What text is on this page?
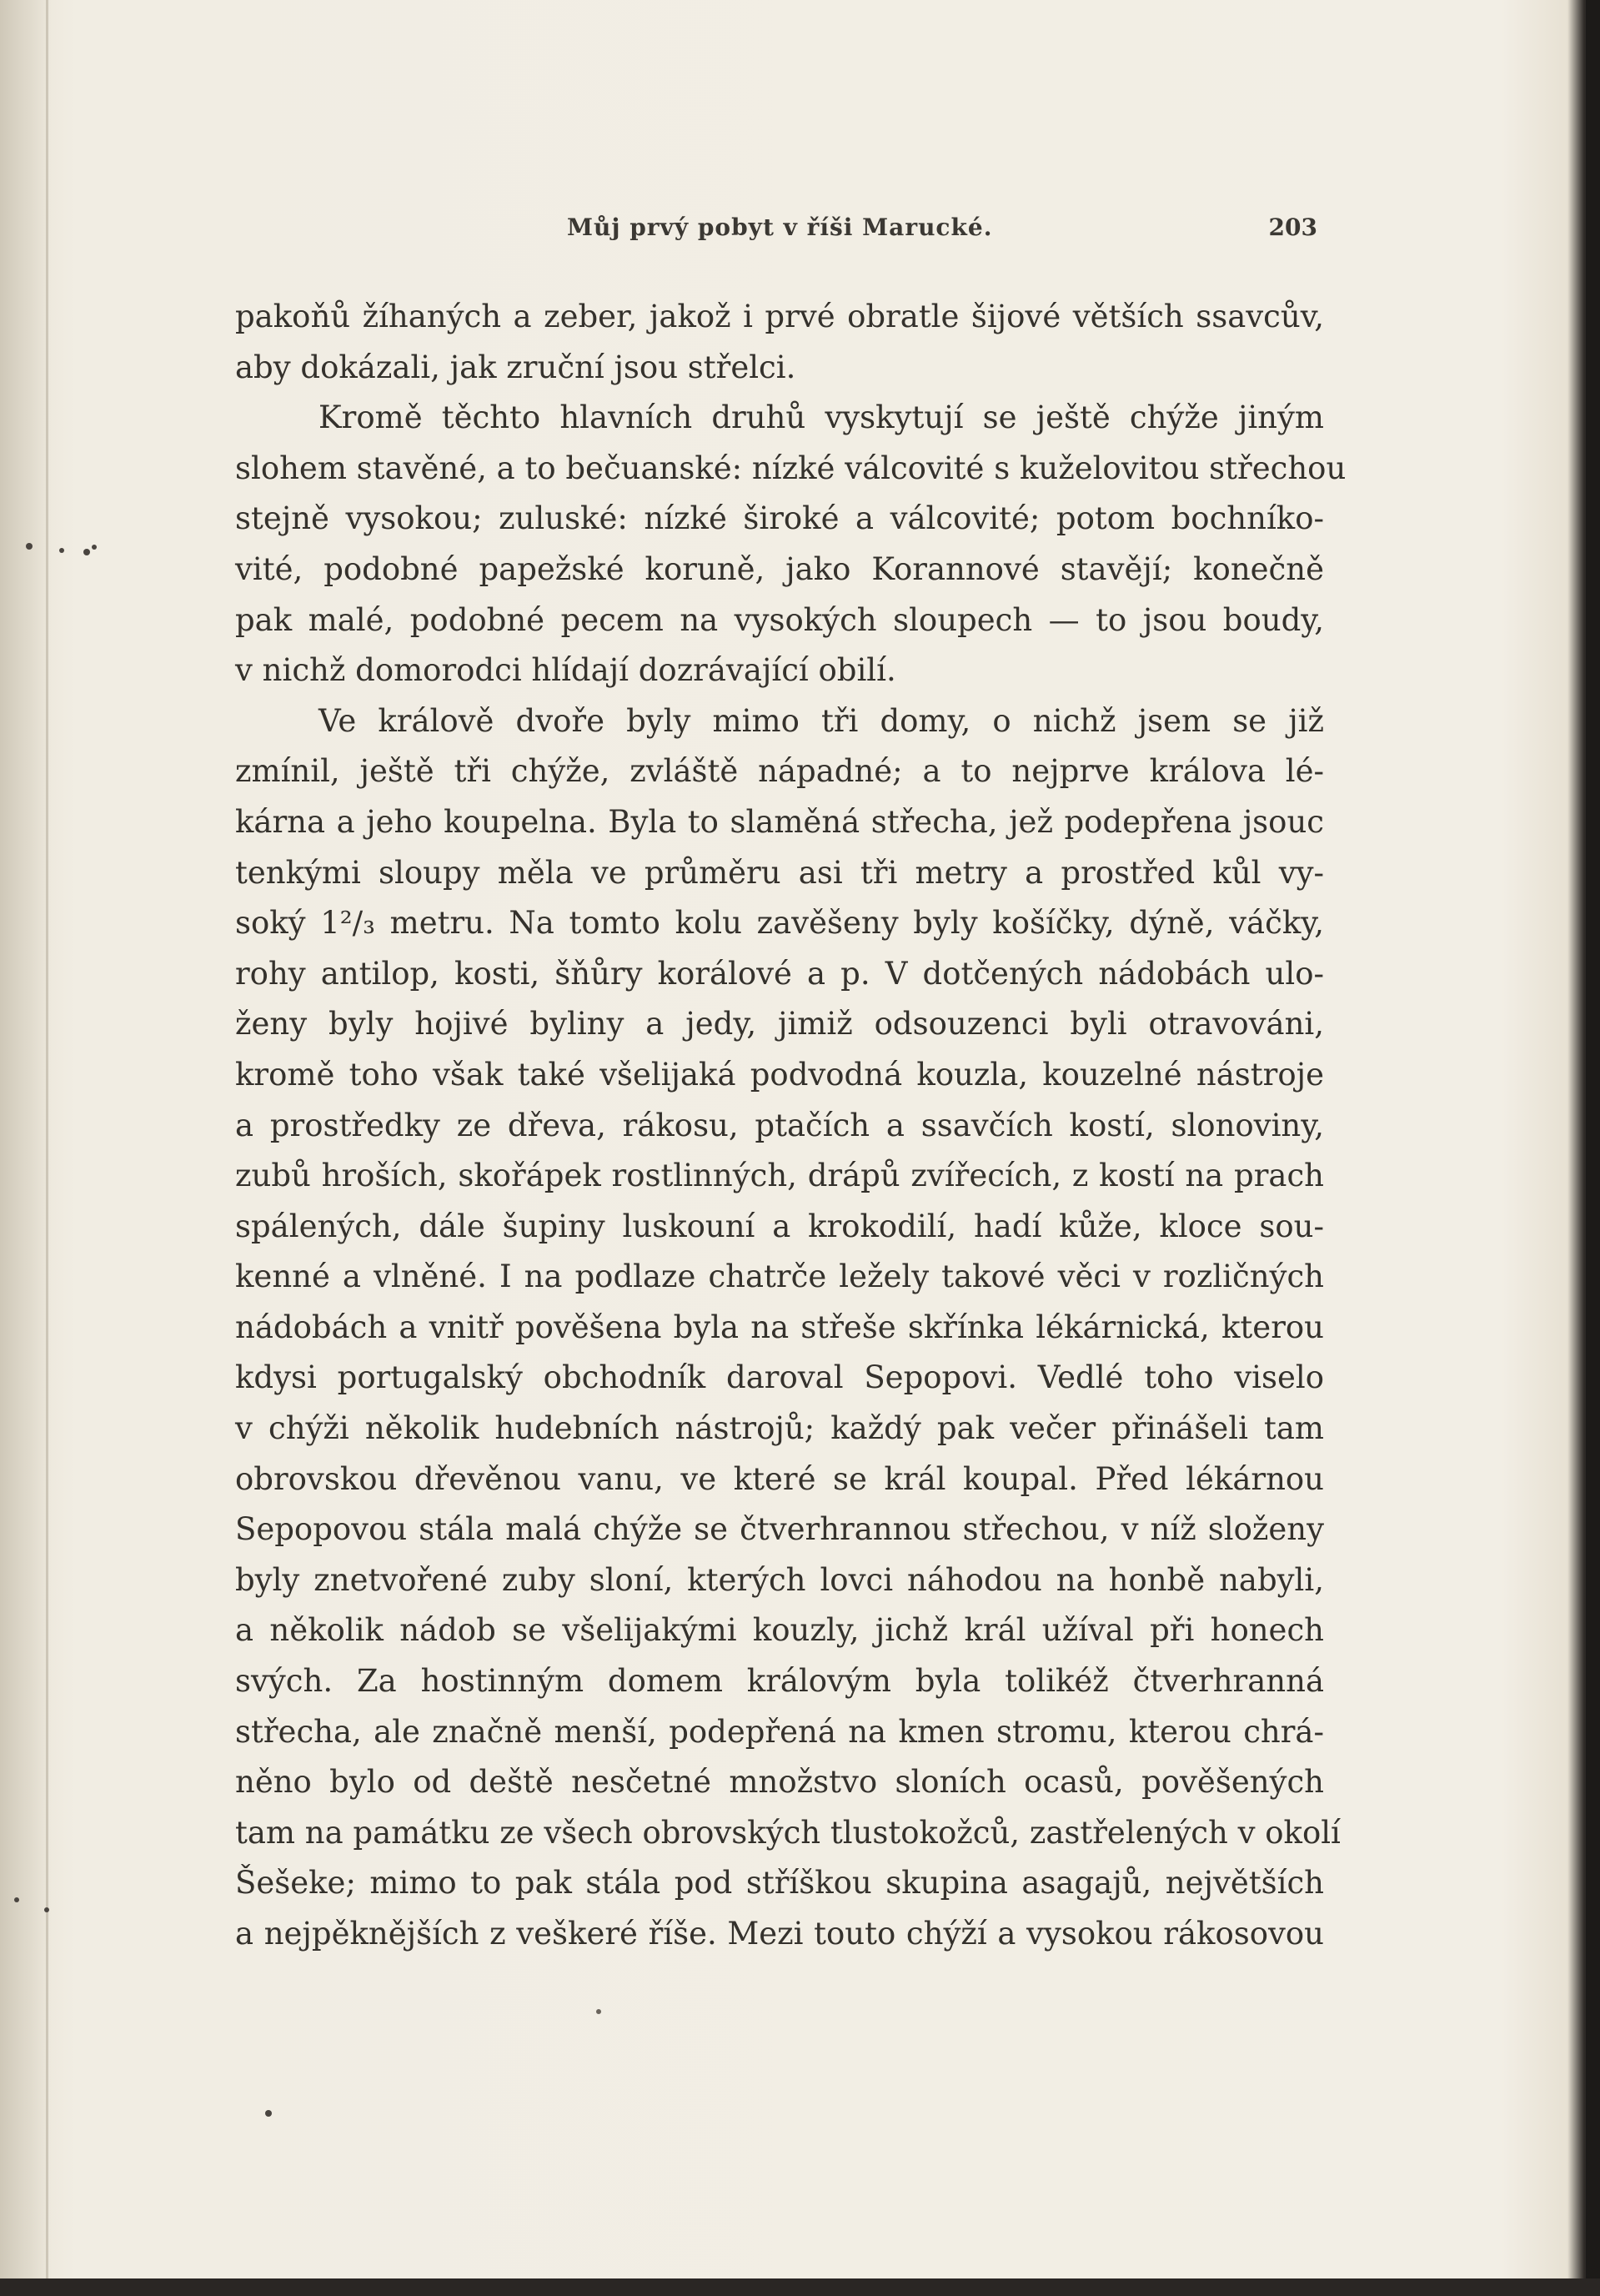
Můj prvý pobyt v říši Marucké.	203
pakoňů žíhaných a zeber, jakož i prvé obratle šijové větších ssavcův,
aby dokázali, jak zruční jsou střelci.
Kromě těchto hlavních druhů vyskytují se ještě chýže jiným
slohem stavěné, a to bečuanské: nízké válcovité s kuželovitou střechou
stejně vysokou; zuluské: nízké široké a válcovité; potom bochníko-
vité, podobné papežské koruně, jako Korannové stavějí; konečně
pak malé, podobné pecem na vysokých sloupech — to jsou boudy,
v nichž domorodci hlídají dozrávající obilí.
Ve králově dvoře byly mimo tři domy, o nichž jsem se již
zmínil, ještě tři chýže, zvláště nápadné; a to nejprve králova lé-
kárna a jeho koupelna. Byla to slaměná střecha, jež podepřena jsouc
tenkými sloupy měla ve průměru asi tři metry a prostřed kůl vy-
soký 1²/₃ metru. Na tomto kolu zavěšeny byly košíčky, dýně, váčky,
rohy antilop, kosti, šňůry korálové a p. V dotčených nádobách ulo-
ženy byly hojivé byliny a jedy, jimiž odsouzenci byli otravováni,
kromě toho však také všelijaká podvodná kouzla, kouzelné nástroje
a prostředky ze dřeva, rákosu, ptačích a ssavčích kostí, slonoviny,
zubů hroších, skořápek rostlinných, drápů zvířecích, z kostí na prach
spálených, dále šupiny luskouní a krokodilí, hadí kůže, kloce sou-
kenné a vlněné. I na podlaze chatrče ležely takové věci v rozličných
nádobách a vnitř pověšena byla na střeše skřínka lékárnická, kterou
kdysi portugalský obchodník daroval Sepopovi. Vedlé toho viselo
v chýži několik hudebních nástrojů; každý pak večer přinášeli tam
obrovskou dřevěnou vanu, ve které se král koupal. Před lékárnou
Sepopovou stála malá chýže se čtverhrannou střechou, v níž složeny
byly znetvořené zuby sloní, kterých lovci náhodou na honbě nabyli,
a několik nádob se všelijakými kouzly, jichž král užíval při honech
svých. Za hostinným domem královým byla tolikéž čtverhranná
střecha, ale značně menší, podepřená na kmen stromu, kterou chrá-
něno bylo od deště nesčetné množstvo sloních ocasů, pověšených
tam na památku ze všech obrovských tlustokožců, zastřelených v okolí
Šešeke; mimo to pak stála pod stříškou skupina asagajů, největších
a nejpěknějších z veškeré říše. Mezi touto chýží a vysokou rákosovou
